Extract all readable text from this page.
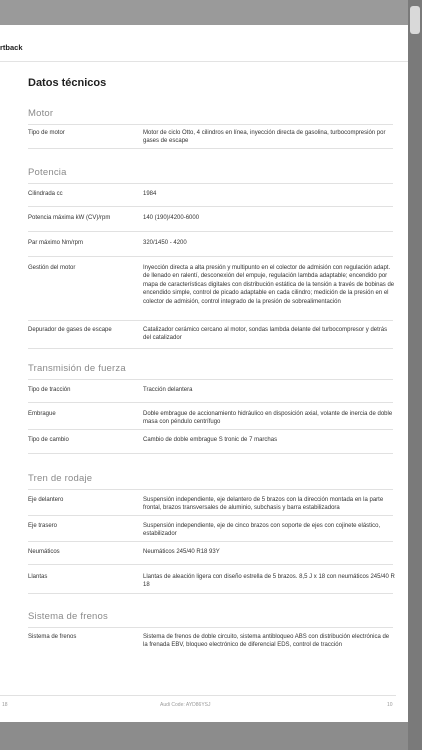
rtback
Datos técnicos
Motor
Tipo de motor	Motor de ciclo Otto, 4 cilindros en línea, inyección directa de gasolina, turbocompresión por gases de escape
Potencia
Cilindrada cc	1984
Potencia máxima kW (CV)/rpm	140 (190)/4200-6000
Par máximo Nm/rpm	320/1450 - 4200
Gestión del motor	Inyección directa a alta presión y multipunto en el colector de admisión con regulación adapt. de llenado en ralentí, desconexión del empuje, regulación lambda adaptable; encendido por mapa de características digitales con distribución estática de la tensión a través de bobinas de encendido simple, control de picado adaptable en cada cilindro; medición de la presión en el colector de admisión, control integrado de la presión de sobrealimentación
Depurador de gases de escape	Catalizador cerámico cercano al motor, sondas lambda delante del turbocompresor y detrás del catalizador
Transmisión de fuerza
Tipo de tracción	Tracción delantera
Embrague	Doble embrague de accionamiento hidráulico en disposición axial, volante de inercia de doble masa con péndulo centrífugo
Tipo de cambio	Cambio de doble embrague S tronic de 7 marchas
Tren de rodaje
Eje delantero	Suspensión independiente, eje delantero de 5 brazos con la dirección montada en la parte frontal, brazos transversales de aluminio, subchasis y barra estabilizadora
Eje trasero	Suspensión independiente, eje de cinco brazos con soporte de ejes con cojinete elástico, estabilizador
Neumáticos	Neumáticos 245/40 R18 93Y
Llantas	Llantas de aleación ligera con diseño estrella de 5 brazos. 8,5 J x 18 con neumáticos 245/40 R 18
Sistema de frenos
Sistema de frenos	Sistema de frenos de doble circuito, sistema antibloqueo ABS con distribución electrónica de la frenada EBV, bloqueo electrónico de diferencial EDS, control de tracción
18	Audi Code: AYD86YSJ	10
